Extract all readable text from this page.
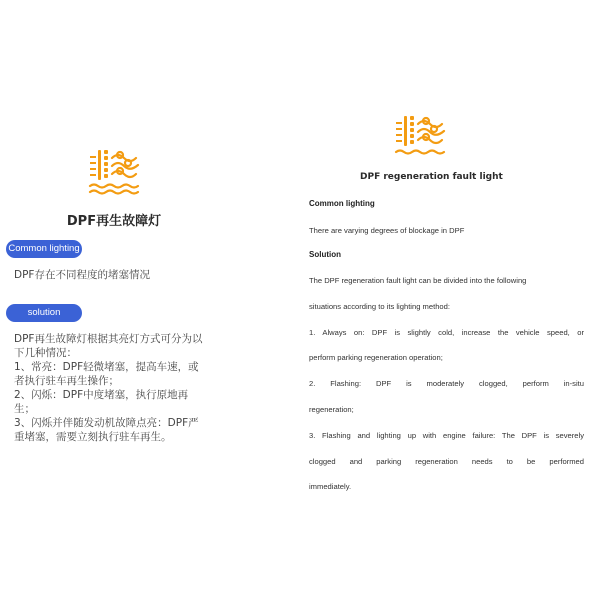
DPF再生故障灯
Common lighting
DPF存在不同程度的堵塞情况
solution
DPF再生故障灯根据其亮灯方式可分为以
下几种情况：
1、常亮：DPF轻微堵塞，提高车速，或
者执行驻车再生操作；
2、闪烁：DPF中度堵塞，执行原地再
生；
3、闪烁并伴随发动机故障点亮：DPF严
重堵塞，需要立刻执行驻车再生。
DPF regeneration fault light
Common lighting
There are varying degrees of blockage in DPF
Solution
The DPF regeneration fault light can be divided into the following
situations according to its lighting method:
1. Always on: DPF is slightly cold, increase the vehicle speed, or
perform parking regeneration operation;
2. Flashing: DPF is moderately clogged, perform in-situ
regeneration;
3. Flashing and lighting up with engine failure: The DPF is severely
clogged and parking regeneration needs to be performed
immediately.
